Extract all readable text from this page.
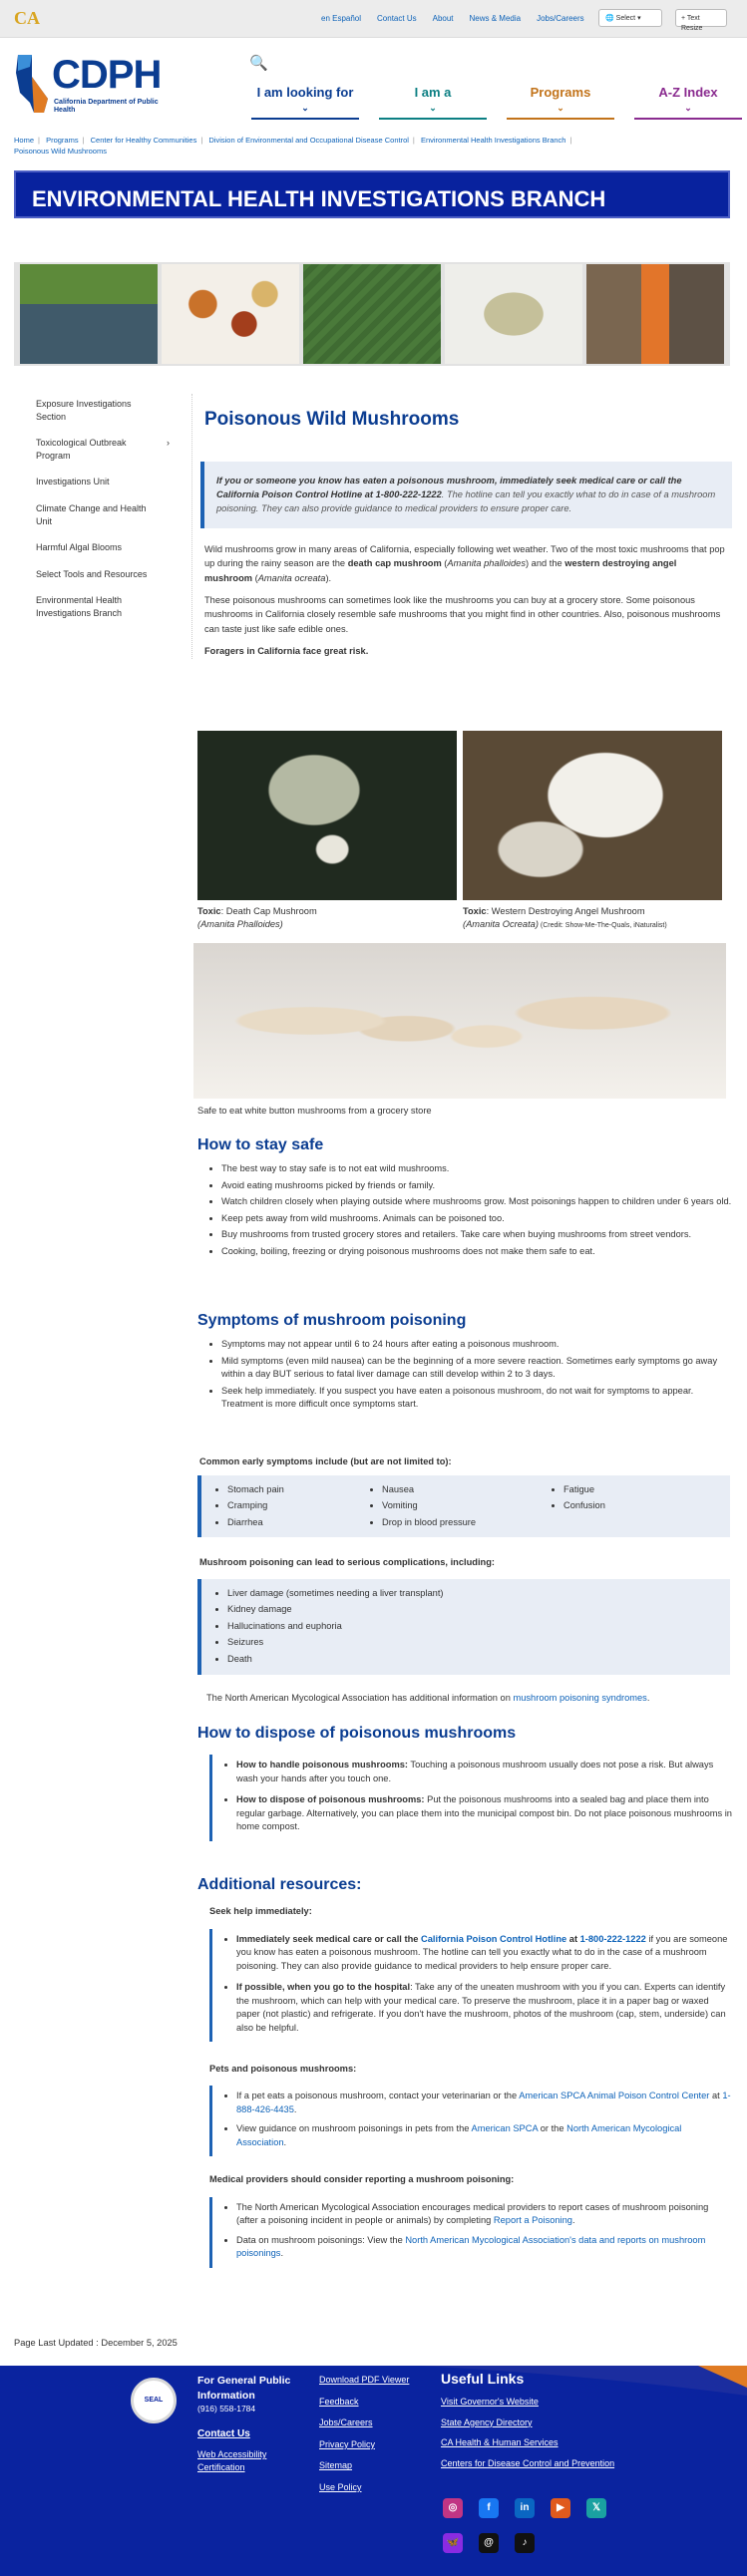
CA	en Español Contact Us About News & Media Jobs/Careers	🌐 Select ▾	+ Text Resize
CDPH
California Department of Public Health
🔍
I am looking for
⌄
I am a
⌄
Programs
⌄
A-Z Index
⌄
Home | Programs | Center for Healthy Communities | Division of Environmental and Occupational Disease Control | Environmental Health Investigations Branch |
Poisonous Wild Mushrooms
ENVIRONMENTAL HEALTH INVESTIGATIONS BRANCH
Exposure Investigations Section
Toxicological Outbreak Program
›
Investigations Unit
Climate Change and Health Unit
Harmful Algal Blooms
Select Tools and Resources
Environmental Health Investigations Branch
Poisonous Wild Mushrooms
If you or someone you know has eaten a poisonous mushroom, immediately seek medical care or call the California Poison Control Hotline at 1-800-222-1222. The hotline can tell you exactly what to do in case of a mushroom poisoning. They can also provide guidance to medical providers to ensure proper care.

Wild mushrooms grow in many areas of California, especially following wet weather. Two of the most toxic mushrooms that pop up during the rainy season are the death cap mushroom (Amanita phalloides) and the western destroying angel mushroom (Amanita ocreata).

These poisonous mushrooms can sometimes look like the mushrooms you can buy at a grocery store. Some poisonous mushrooms in California closely resemble safe mushrooms that you might find in other countries. Also, poisonous mushrooms can taste just like safe edible ones.

Foragers in California face great risk.

Toxic: Death Cap Mushroom
(Amanita Phalloides)
Toxic: Western Destroying Angel Mushroom
(Amanita Ocreata) (Credit: Show-Me-The-Quals, iNaturalist)
Safe to eat white button mushrooms from a grocery store
How to stay safe
• The best way to stay safe is to not eat wild mushrooms.
• Avoid eating mushrooms picked by friends or family.
• Watch children closely when playing outside where mushrooms grow. Most poisonings happen to children under 6 years old.
• Keep pets away from wild mushrooms. Animals can be poisoned too.
• Buy mushrooms from trusted grocery stores and retailers. Take care when buying mushrooms from street vendors.
• Cooking, boiling, freezing or drying poisonous mushrooms does not make them safe to eat.
Symptoms of mushroom poisoning
• Symptoms may not appear until 6 to 24 hours after eating a poisonous mushroom.
• Mild symptoms (even mild nausea) can be the beginning of a more severe reaction. Sometimes early symptoms go away within a day BUT serious to fatal liver damage can still develop within 2 to 3 days.
• Seek help immediately. If you suspect you have eaten a poisonous mushroom, do not wait for symptoms to appear. Treatment is more difficult once symptoms start.
Common early symptoms include (but are not limited to):
• Stomach pain
• Cramping
• Diarrhea
• Nausea
• Vomiting
• Drop in blood pressure
• Fatigue
• Confusion
Mushroom poisoning can lead to serious complications, including:
• Liver damage (sometimes needing a liver transplant)
• Kidney damage
• Hallucinations and euphoria
• Seizures
• Death
The North American Mycological Association has additional information on mushroom poisoning syndromes.
How to dispose of poisonous mushrooms
• How to handle poisonous mushrooms: Touching a poisonous mushroom usually does not pose a risk. But always wash your hands after you touch one.
• How to dispose of poisonous mushrooms: Put the poisonous mushrooms into a sealed bag and place them into regular garbage. Alternatively, you can place them into the municipal compost bin. Do not place poisonous mushrooms in home compost.
Additional resources:

Seek help immediately:

• Immediately seek medical care or call the California Poison Control Hotline at 1-800-222-1222 if you are someone you know has eaten a poisonous mushroom. The hotline can tell you exactly what to do in the case of a mushroom poisoning. They can also provide guidance to medical providers to help ensure proper care.
• If possible, when you go to the hospital: Take any of the uneaten mushroom with you if you can. Experts can identify the mushroom, which can help with your medical care. To preserve the mushroom, place it in a paper bag or waxed paper (not plastic) and refrigerate. If you don't have the mushroom, photos of the mushroom (cap, stem, underside) can also be helpful.

Pets and poisonous mushrooms:

• If a pet eats a poisonous mushroom, contact your veterinarian or the American SPCA Animal Poison Control Center at 1-888-426-4435.
• View guidance on mushroom poisonings in pets from the American SPCA or the North American Mycological Association.

Medical providers should consider reporting a mushroom poisoning:

• The North American Mycological Association encourages medical providers to report cases of mushroom poisoning (after a poisoning incident in people or animals) by completing Report a Poisoning.
• Data on mushroom poisonings: View the North American Mycological Association's data and reports on mushroom poisonings.
Page Last Updated : December 5, 2025
SEAL
For General Public Information
(916) 558-1784
Contact Us
Web Accessibility Certification
Download PDF Viewer
Feedback
Jobs/Careers
Privacy Policy
Sitemap
Use Policy
Useful Links
Visit Governor's Website
State Agency Directory
CA Health & Human Services
Centers for Disease Control and Prevention
◎	f	in	▶	𝕏
🦋	@	♪
